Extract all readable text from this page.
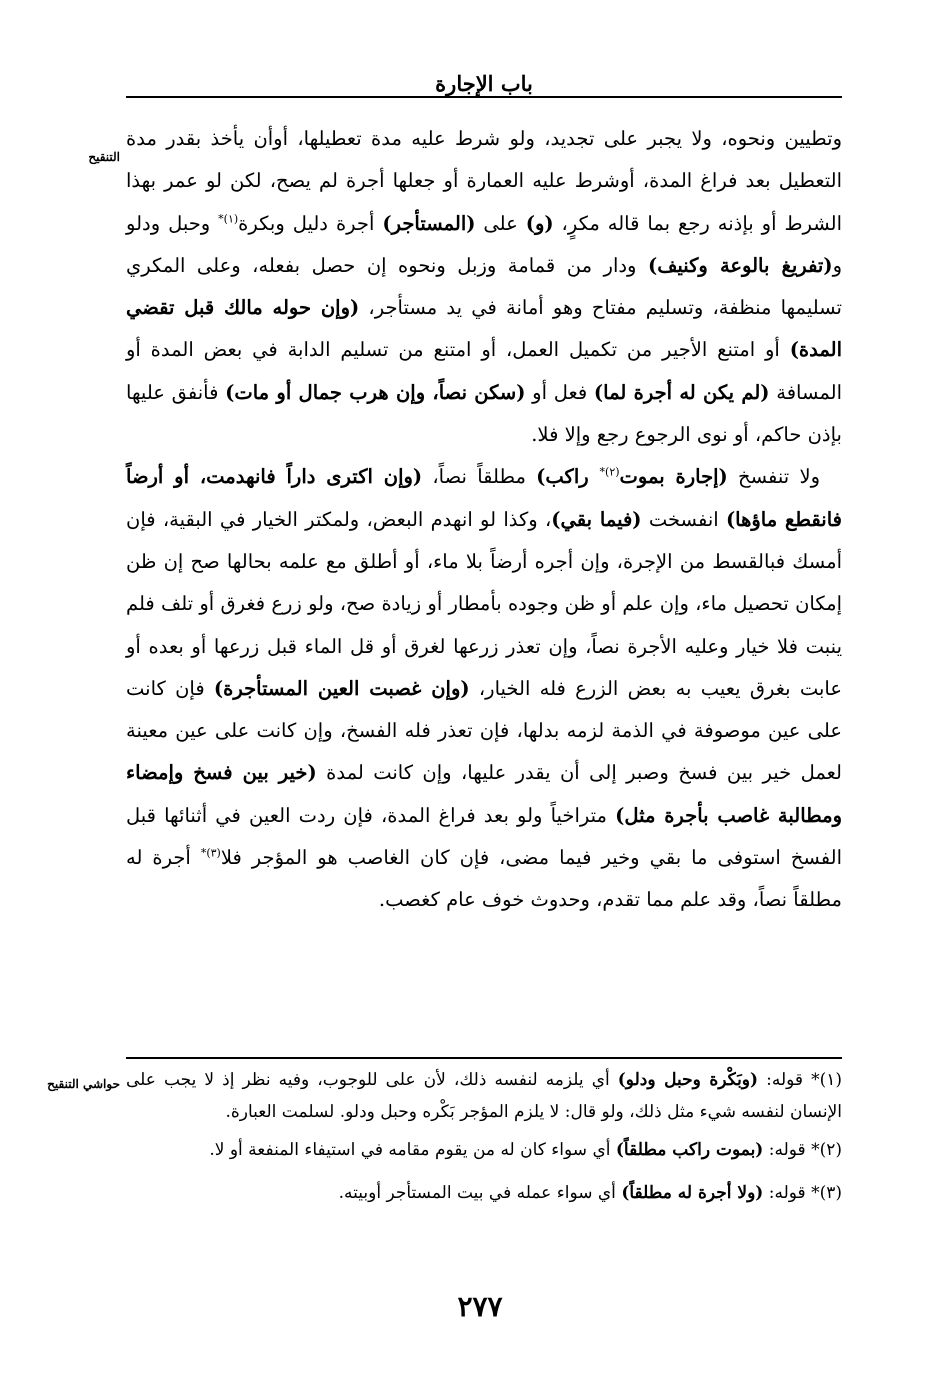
باب الإجارة
التنقيح

وتطيين ونحوه، ولا يجبر على تجديد، ولو شرط عليه مدة تعطيلها، أوأن يأخذ بقدر مدة التعطيل بعد فراغ المدة، أوشرط عليه العمارة أو جعلها أجرة لم يصح، لكن لو عمر بهذا الشرط أو بإذنه رجع بما قاله مكرٍ، (و) على (المستأجر) أجرة دليل وبكرة$^{(١)*}$ وحبل ودلو و(تفريغ بالوعة وكنيف) ودار من قمامة وزبل ونحوه إن حصل بفعله، وعلى المكري تسليمها منظفة، وتسليم مفتاح وهو أمانة في يد مستأجر، (وإن حوله مالك قبل تقضي المدة) أو امتنع الأجير من تكميل العمل، أو امتنع من تسليم الدابة في بعض المدة أو المسافة (لم يكن له أجرة لما) فعل أو (سكن نصاً، وإن هرب جمال أو مات) فأنفق عليها بإذن حاكم، أو نوى الرجوع رجع وإلا فلا.

ولا تنفسخ (إجارة بموت$^{(٢)*}$ راكب) مطلقاً نصاً، (وإن اكترى داراً فانهدمت، أو أرضاً فانقطع ماؤها) انفسخت (فيما بقي)، وكذا لو انهدم البعض، ولمكتر الخيار في البقية، فإن أمسك فبالقسط من الإجرة، وإن أجره أرضاً بلا ماء، أو أطلق مع علمه بحالها صح إن ظن إمكان تحصيل ماء، وإن علم أو ظن وجوده بأمطار أو زيادة صح، ولو زرع فغرق أو تلف فلم ينبت فلا خيار وعليه الأجرة نصاً، وإن تعذر زرعها لغرق أو قل الماء قبل زرعها أو بعده أو عابت بغرق يعيب به بعض الزرع فله الخيار، (وإن غصبت العين المستأجرة) فإن كانت على عين موصوفة في الذمة لزمه بدلها، فإن تعذر فله الفسخ، وإن كانت على عين معينة لعمل خير بين فسخ وصبر إلى أن يقدر عليها، وإن كانت لمدة (خير بين فسخ وإمضاء ومطالبة غاصب بأجرة مثل) متراخياً ولو بعد فراغ المدة، فإن ردت العين في أثنائها قبل الفسخ استوفى ما بقي وخير فيما مضى، فإن كان الغاصب هو المؤجر فلا$^{(٣)*}$ أجرة له مطلقاً نصاً، وقد علم مما تقدم، وحدوث خوف عام كغصب.

حواشي التنقيح	(١)* قوله: (وبَكْرة وحبل ودلو) أي يلزمه لنفسه ذلك، لأن على للوجوب، وفيه نظر إذ لا يجب على الإنسان لنفسه شيء مثل ذلك، ولو قال: لا يلزم المؤجر بَكْره وحبل ودلو. لسلمت العبارة.

(٢)* قوله: (بموت راكب مطلقاً) أي سواء كان له من يقوم مقامه في استيفاء المنفعة أو لا.

(٣)* قوله: (ولا أجرة له مطلقاً) أي سواء عمله في بيت المستأجر أوبيته.

٢٧٧
